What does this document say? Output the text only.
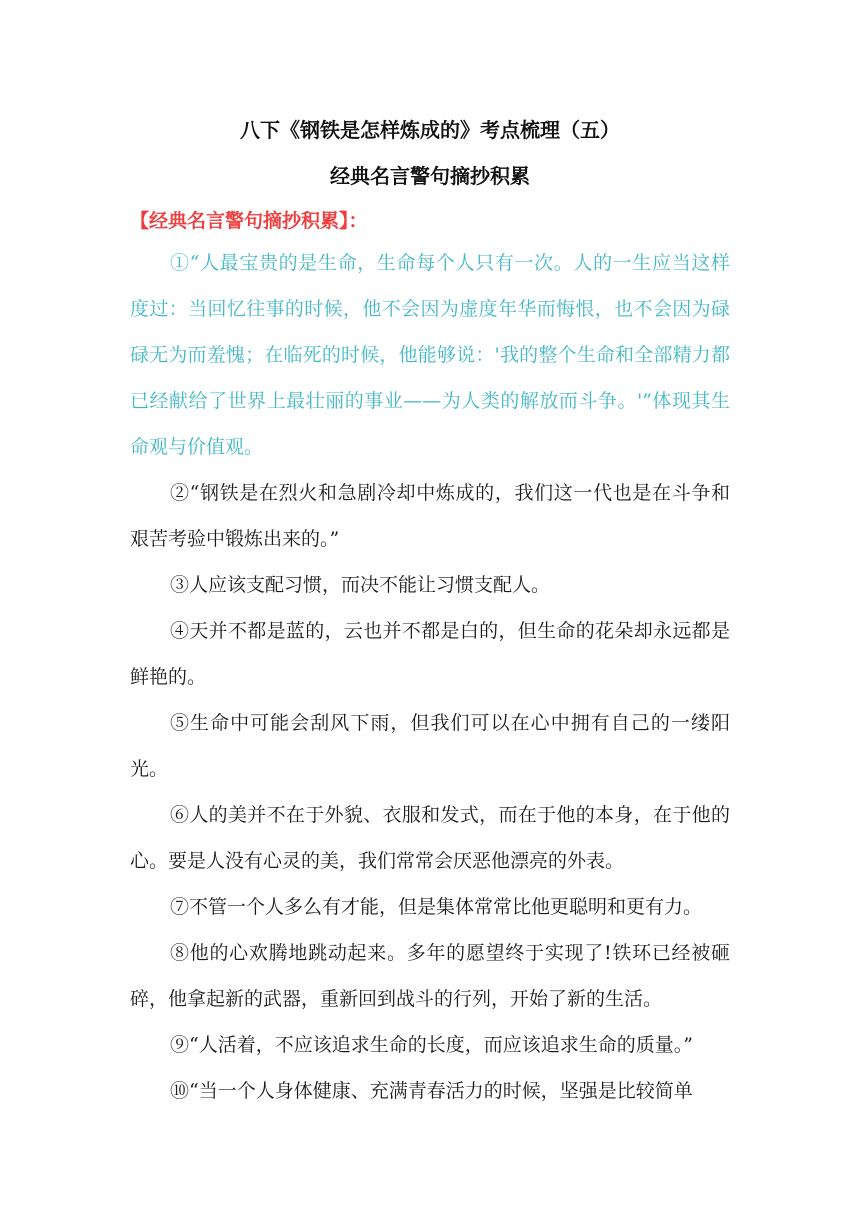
八下《钢铁是怎样炼成的》考点梳理（五）
经典名言警句摘抄积累
【经典名言警句摘抄积累】：

①“人最宝贵的是生命，生命每个人只有一次。人的一生应当这样度过：当回忆往事的时候，他不会因为虚度年华而悔恨，也不会因为碌碌无为而羞愧；在临死的时候，他能够说：'我的整个生命和全部精力都已经献给了世界上最壮丽的事业——为人类的解放而斗争。'”体现其生命观与价值观。

②“钢铁是在烈火和急剧冷却中炼成的，我们这一代也是在斗争和艰苦考验中锻炼出来的。”

③人应该支配习惯，而决不能让习惯支配人。

④天并不都是蓝的，云也并不都是白的，但生命的花朵却永远都是鲜艳的。

⑤生命中可能会刮风下雨，但我们可以在心中拥有自己的一缕阳光。

⑥人的美并不在于外貌、衣服和发式，而在于他的本身，在于他的心。要是人没有心灵的美，我们常常会厌恶他漂亮的外表。

⑦不管一个人多么有才能，但是集体常常比他更聪明和更有力。

⑧他的心欢腾地跳动起来。多年的愿望终于实现了!铁环已经被砸碎，他拿起新的武器，重新回到战斗的行列，开始了新的生活。

⑨“人活着，不应该追求生命的长度，而应该追求生命的质量。”

⑩“当一个人身体健康、充满青春活力的时候，坚强是比较简单
